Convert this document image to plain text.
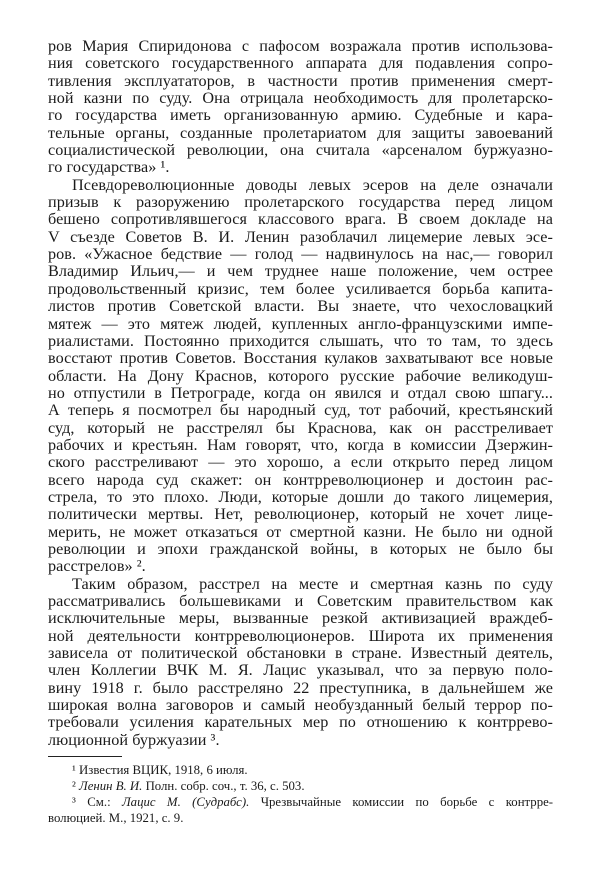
ров Мария Спиридонова с пафосом возражала против использова-
ния советского государственного аппарата для подавления сопро-
тивления эксплуататоров, в частности против применения смерт-
ной казни по суду. Она отрицала необходимость для пролетарско-
го государства иметь организованную армию. Судебные и кара-
тельные органы, созданные пролетариатом для защиты завоеваний
социалистической революции, она считала «арсеналом буржуазно-
го государства» ¹.
Псевдореволюционные доводы левых эсеров на деле означали
призыв к разоружению пролетарского государства перед лицом
бешено сопротивлявшегося классового врага. В своем докладе на
V съезде Советов В. И. Ленин разоблачил лицемерие левых эсе-
ров. «Ужасное бедствие — голод — надвинулось на нас,— говорил
Владимир Ильич,— и чем труднее наше положение, чем острее
продовольственный кризис, тем более усиливается борьба капита-
листов против Советской власти. Вы знаете, что чехословацкий
мятеж — это мятеж людей, купленных англо-французскими импе-
риалистами. Постоянно приходится слышать, что то там, то здесь
восстают против Советов. Восстания кулаков захватывают все новые
области. На Дону Краснов, которого русские рабочие великодуш-
но отпустили в Петрограде, когда он явился и отдал свою шпагу...
А теперь я посмотрел бы народный суд, тот рабочий, крестьянский
суд, который не расстрелял бы Краснова, как он расстреливает
рабочих и крестьян. Нам говорят, что, когда в комиссии Дзержин-
ского расстреливают — это хорошо, а если открыто перед лицом
всего народа суд скажет: он контрреволюционер и достоин рас-
стрела, то это плохо. Люди, которые дошли до такого лицемерия,
политически мертвы. Нет, революционер, который не хочет лице-
мерить, не может отказаться от смертной казни. Не было ни одной
революции и эпохи гражданской войны, в которых не было бы
расстрелов» ².
Таким образом, расстрел на месте и смертная казнь по суду
рассматривались большевиками и Советским правительством как
исключительные меры, вызванные резкой активизацией враждеб-
ной деятельности контрреволюционеров. Широта их применения
зависела от политической обстановки в стране. Известный деятель,
член Коллегии ВЧК М. Я. Лацис указывал, что за первую поло-
вину 1918 г. было расстреляно 22 преступника, в дальнейшем же
широкая волна заговоров и самый необузданный белый террор по-
требовали усиления карательных мер по отношению к контррево-
люционной буржуазии ³.
¹ Известия ВЦИК, 1918, 6 июля.
² Ленин В. И. Полн. собр. соч., т. 36, с. 503.
³ См.: Лацис М. (Судрабс). Чрезвычайные комиссии по борьбе с контрре-
волюцией. М., 1921, с. 9.
